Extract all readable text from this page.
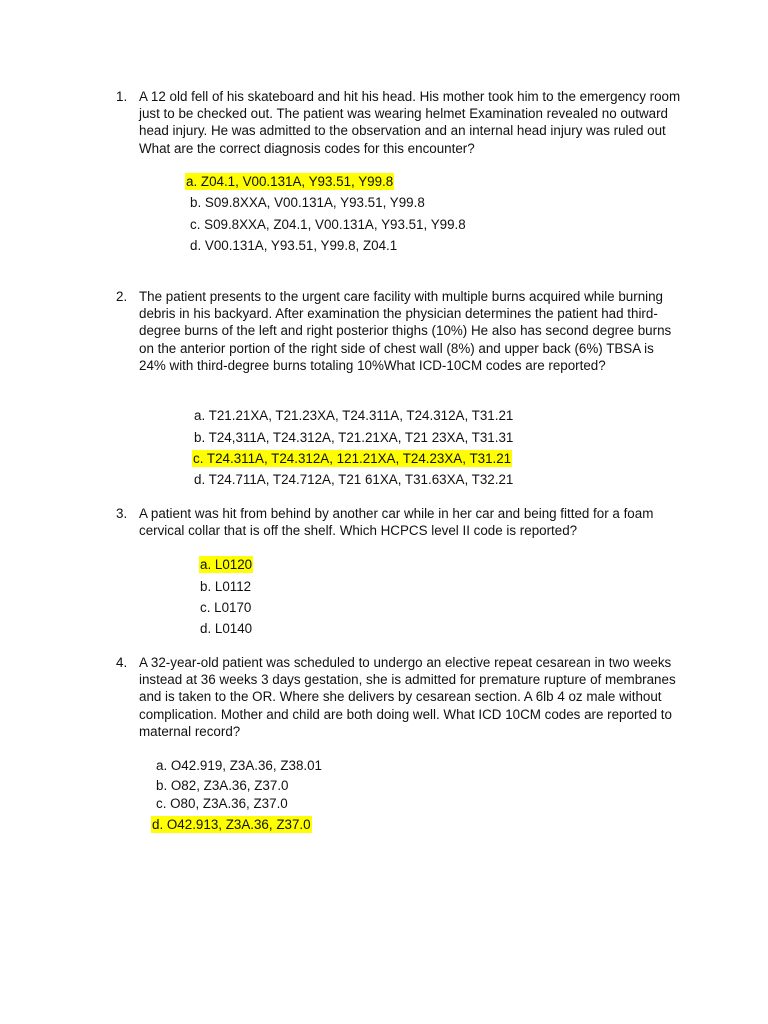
1. A 12 old fell of his skateboard and hit his head. His mother took him to the emergency room just to be checked out. The patient was wearing helmet Examination revealed no outward head injury. He was admitted to the observation and an internal head injury was ruled out What are the correct diagnosis codes for this encounter?
a. Z04.1, V00.131A, Y93.51, Y99.8
b. S09.8XXA, V00.131A, Y93.51, Y99.8
c. S09.8XXA, Z04.1, V00.131A, Y93.51, Y99.8
d. V00.131A, Y93.51, Y99.8, Z04.1
2. The patient presents to the urgent care facility with multiple burns acquired while burning debris in his backyard. After examination the physician determines the patient had third-degree burns of the left and right posterior thighs (10%) He also has second degree burns on the anterior portion of the right side of chest wall (8%) and upper back (6%) TBSA is 24% with third-degree burns totaling 10%What ICD-10CM codes are reported?
a. T21.21XA, T21.23XA, T24.311A, T24.312A, T31.21
b. T24,311A, T24.312A, T21.21XA, T21 23XA, T31.31
c. T24.311A, T24.312A, 121.21XA, T24.23XA, T31.21
d. T24.711A, T24.712A, T21 61XA, T31.63XA, T32.21
3. A patient was hit from behind by another car while in her car and being fitted for a foam cervical collar that is off the shelf. Which HCPCS level II code is reported?
a. L0120
b. L0112
c. L0170
d. L0140
4. A 32-year-old patient was scheduled to undergo an elective repeat cesarean in two weeks instead at 36 weeks 3 days gestation, she is admitted for premature rupture of membranes and is taken to the OR. Where she delivers by cesarean section. A 6lb 4 oz male without complication. Mother and child are both doing well. What ICD 10CM codes are reported to maternal record?
a. O42.919, Z3A.36, Z38.01
b. O82, Z3A.36, Z37.0
c. O80, Z3A.36, Z37.0
d. O42.913, Z3A.36, Z37.0
